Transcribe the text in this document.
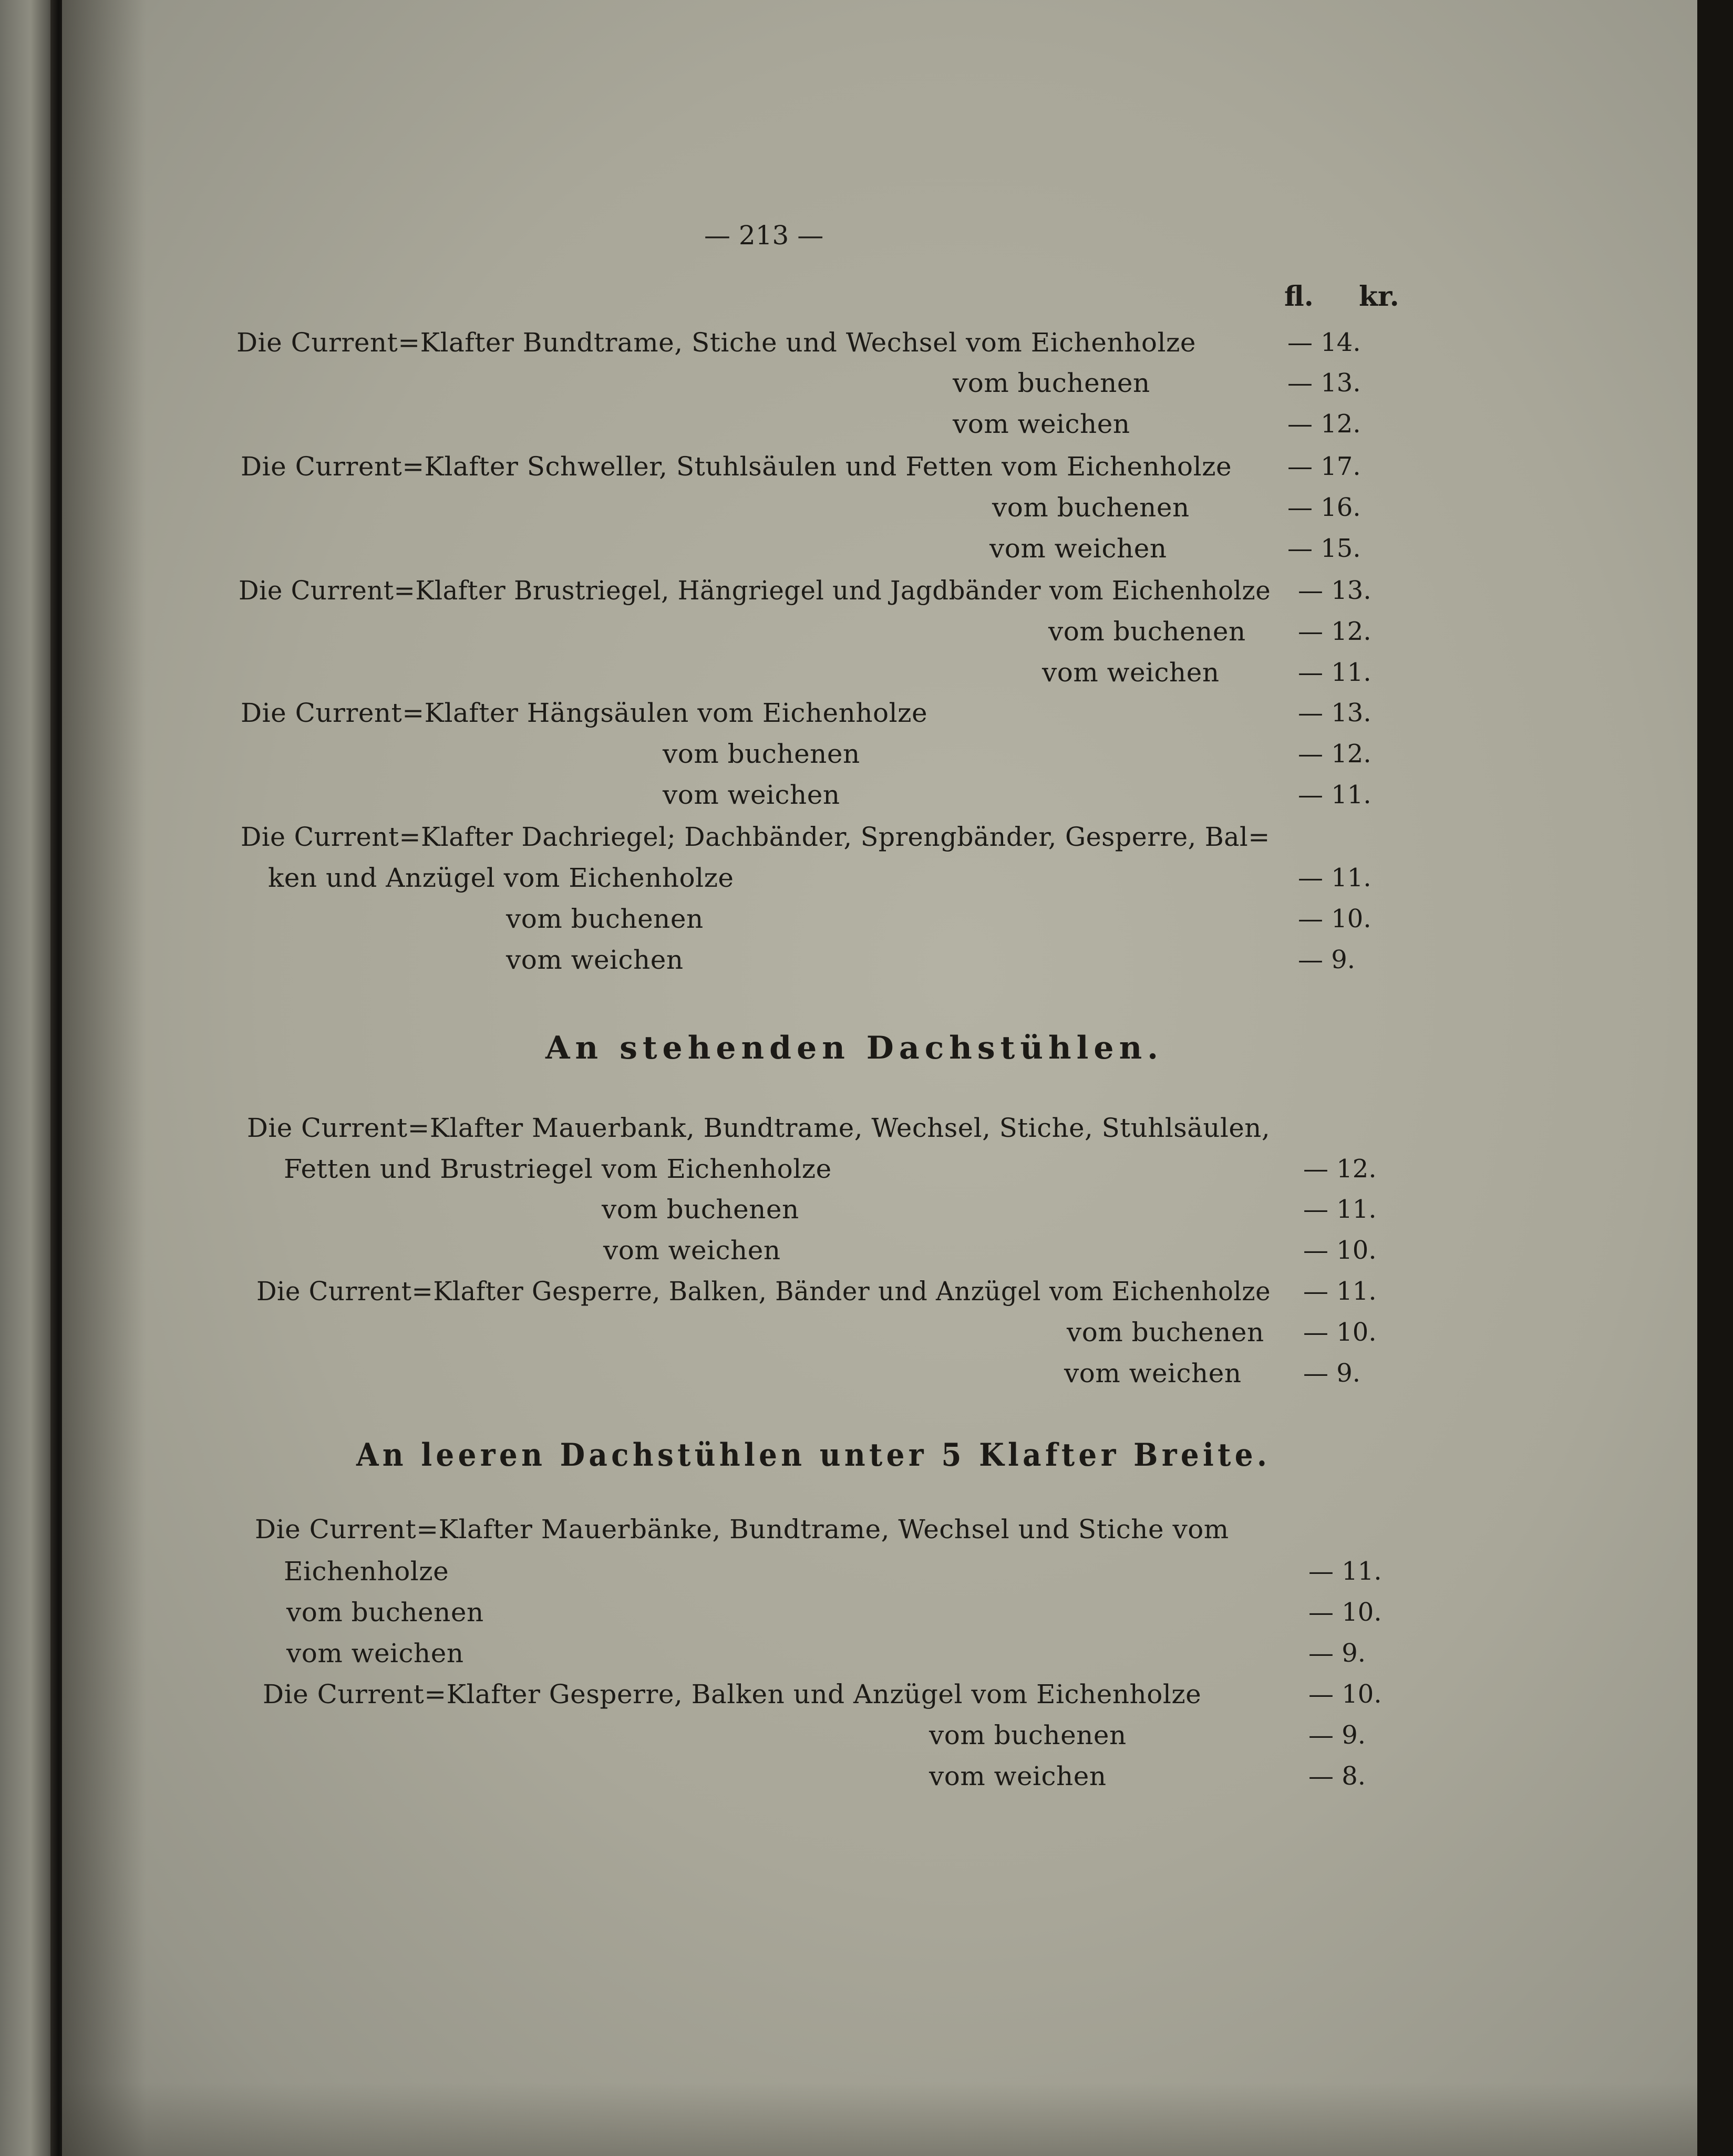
— 213 —
fl. kr.
Die Current=Klafter Bundtrame, Stiche und Wechsel vom Eichenholze	— 14.
vom buchenen	— 13.
vom weichen	— 12.
Die Current=Klafter Schweller, Stuhlsäulen und Fetten vom Eichenholze — 17.
vom buchenen	— 16.
vom weichen	— 15.
Die Current=Klafter Brustriegel, Hängriegel und Jagdbänder vom Eichenholze — 13.
vom buchenen — 12.
vom weichen	— 11.
Die Current=Klafter Hängsäulen vom Eichenholze	— 13.
vom buchenen	— 12.
vom weichen	— 11.
Die Current=Klafter Dachriegel; Dachbänder, Sprengbänder, Gesperre, Bal=
ken und Anzügel vom Eichenholze	— 11.
vom buchenen	— 10.
vom weichen	— 9.
An stehenden Dachstühlen.
Die Current=Klafter Mauerbank, Bundtrame, Wechsel, Stiche, Stuhlsäulen,
Fetten und Brustriegel vom Eichenholze	— 12.
vom buchenen	— 11.
vom weichen	— 10.
Die Current=Klafter Gesperre, Balken, Bänder und Anzügel vom Eichenholze — 11.
vom buchenen — 10.
vom weichen — 9.
An leeren Dachstühlen unter 5 Klafter Breite.
Die Current=Klafter Mauerbänke, Bundtrame, Wechsel und Stiche vom
Eichenholze	— 11.
vom buchenen	— 10.
vom weichen	— 9.
Die Current=Klafter Gesperre, Balken und Anzügel vom Eichenholze	— 10.
vom buchenen	— 9.
vom weichen	— 8.
